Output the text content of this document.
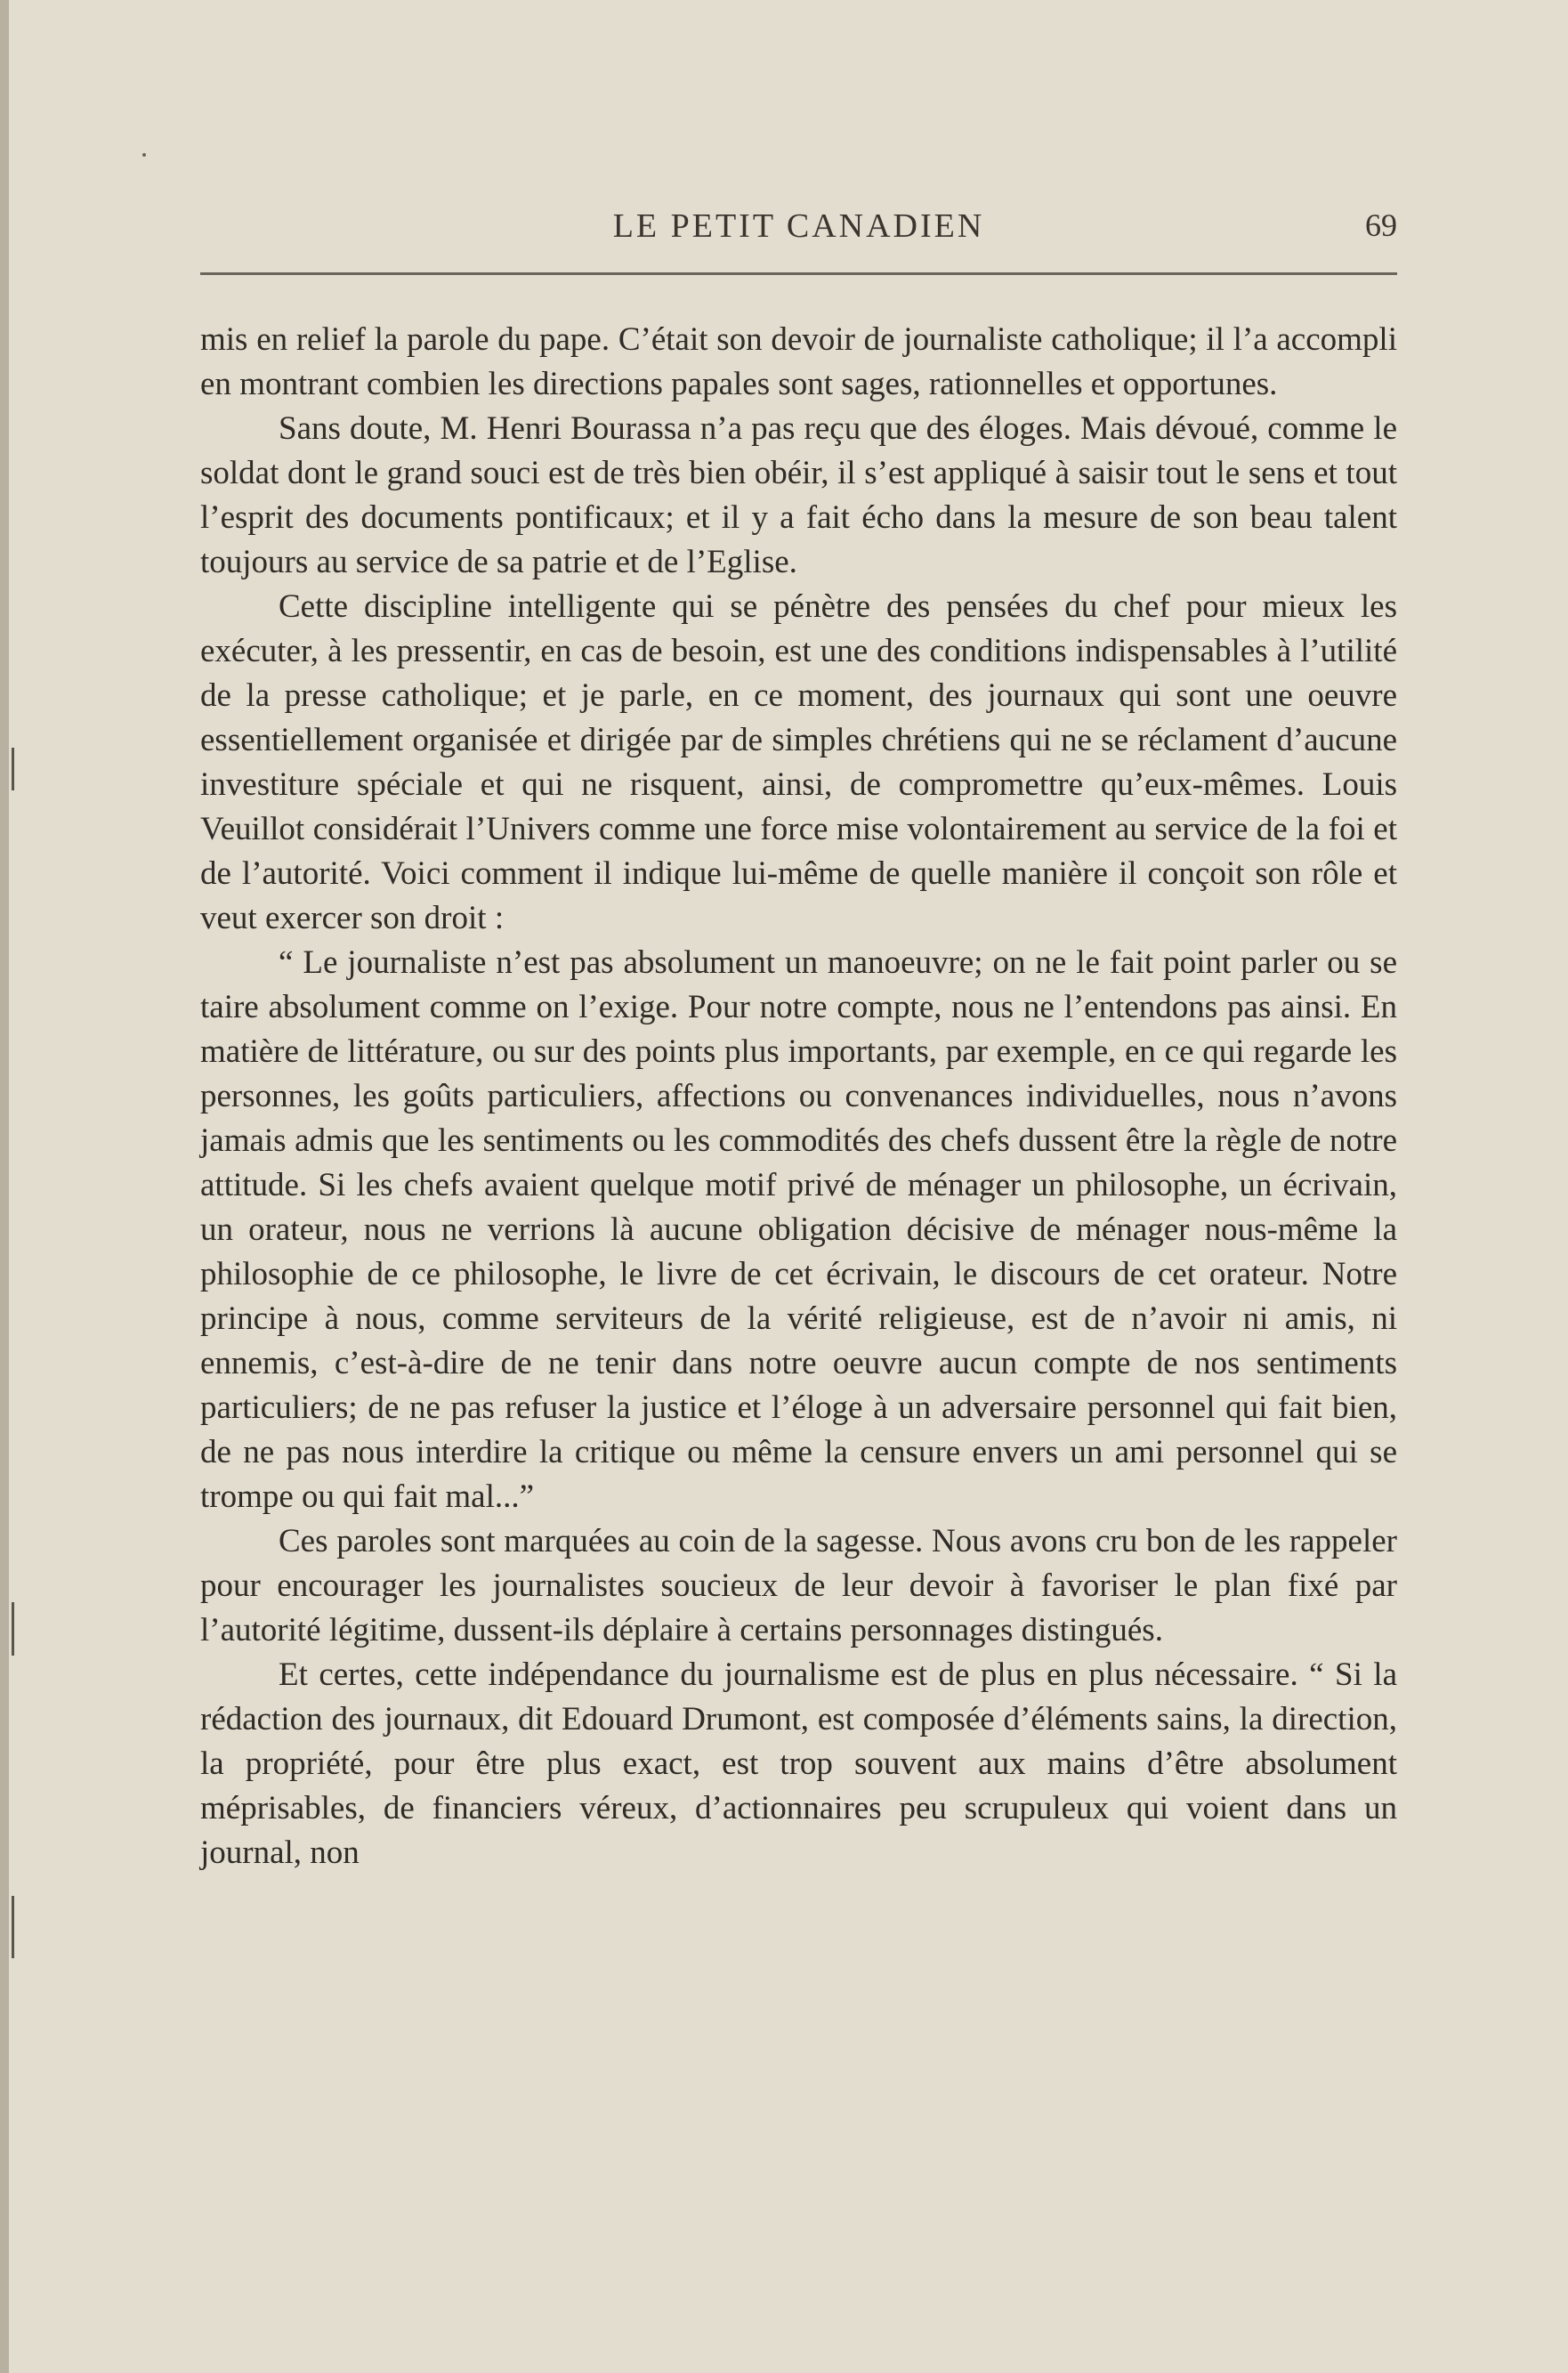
LE PETIT CANADIEN	69

mis en relief la parole du pape. C’était son devoir de journaliste catholique; il l’a accompli en montrant combien les directions papales sont sages, rationnelles et opportunes.

Sans doute, M. Henri Bourassa n’a pas reçu que des éloges. Mais dévoué, comme le soldat dont le grand souci est de très bien obéir, il s’est appliqué à saisir tout le sens et tout l’esprit des documents pontificaux; et il y a fait écho dans la mesure de son beau talent toujours au service de sa patrie et de l’Eglise.

Cette discipline intelligente qui se pénètre des pensées du chef pour mieux les exécuter, à les pressentir, en cas de besoin, est une des conditions indispensables à l’utilité de la presse catholique; et je parle, en ce moment, des journaux qui sont une oeuvre essentiellement organisée et dirigée par de simples chrétiens qui ne se réclament d’aucune investiture spéciale et qui ne risquent, ainsi, de compromettre qu’eux-mêmes. Louis Veuillot considérait l’Univers comme une force mise volontairement au service de la foi et de l’autorité. Voici comment il indique lui-même de quelle manière il conçoit son rôle et veut exercer son droit :

“ Le journaliste n’est pas absolument un manoeuvre; on ne le fait point parler ou se taire absolument comme on l’exige. Pour notre compte, nous ne l’entendons pas ainsi. En matière de littérature, ou sur des points plus importants, par exemple, en ce qui regarde les personnes, les goûts particuliers, affections ou convenances individuelles, nous n’avons jamais admis que les sentiments ou les commodités des chefs dussent être la règle de notre attitude. Si les chefs avaient quelque motif privé de ménager un philosophe, un écrivain, un orateur, nous ne verrions là aucune obligation décisive de ménager nous-même la philosophie de ce philosophe, le livre de cet écrivain, le discours de cet orateur. Notre principe à nous, comme serviteurs de la vérité religieuse, est de n’avoir ni amis, ni ennemis, c’est-à-dire de ne tenir dans notre oeuvre aucun compte de nos sentiments particuliers; de ne pas refuser la justice et l’éloge à un adversaire personnel qui fait bien, de ne pas nous interdire la critique ou même la censure envers un ami personnel qui se trompe ou qui fait mal...”

Ces paroles sont marquées au coin de la sagesse. Nous avons cru bon de les rappeler pour encourager les journalistes soucieux de leur devoir à favoriser le plan fixé par l’autorité légitime, dussent-ils déplaire à certains personnages distingués.

Et certes, cette indépendance du journalisme est de plus en plus nécessaire. “ Si la rédaction des journaux, dit Edouard Drumont, est composée d’éléments sains, la direction, la propriété, pour être plus exact, est trop souvent aux mains d’être absolument méprisables, de financiers véreux, d’actionnaires peu scrupuleux qui voient dans un journal, non
